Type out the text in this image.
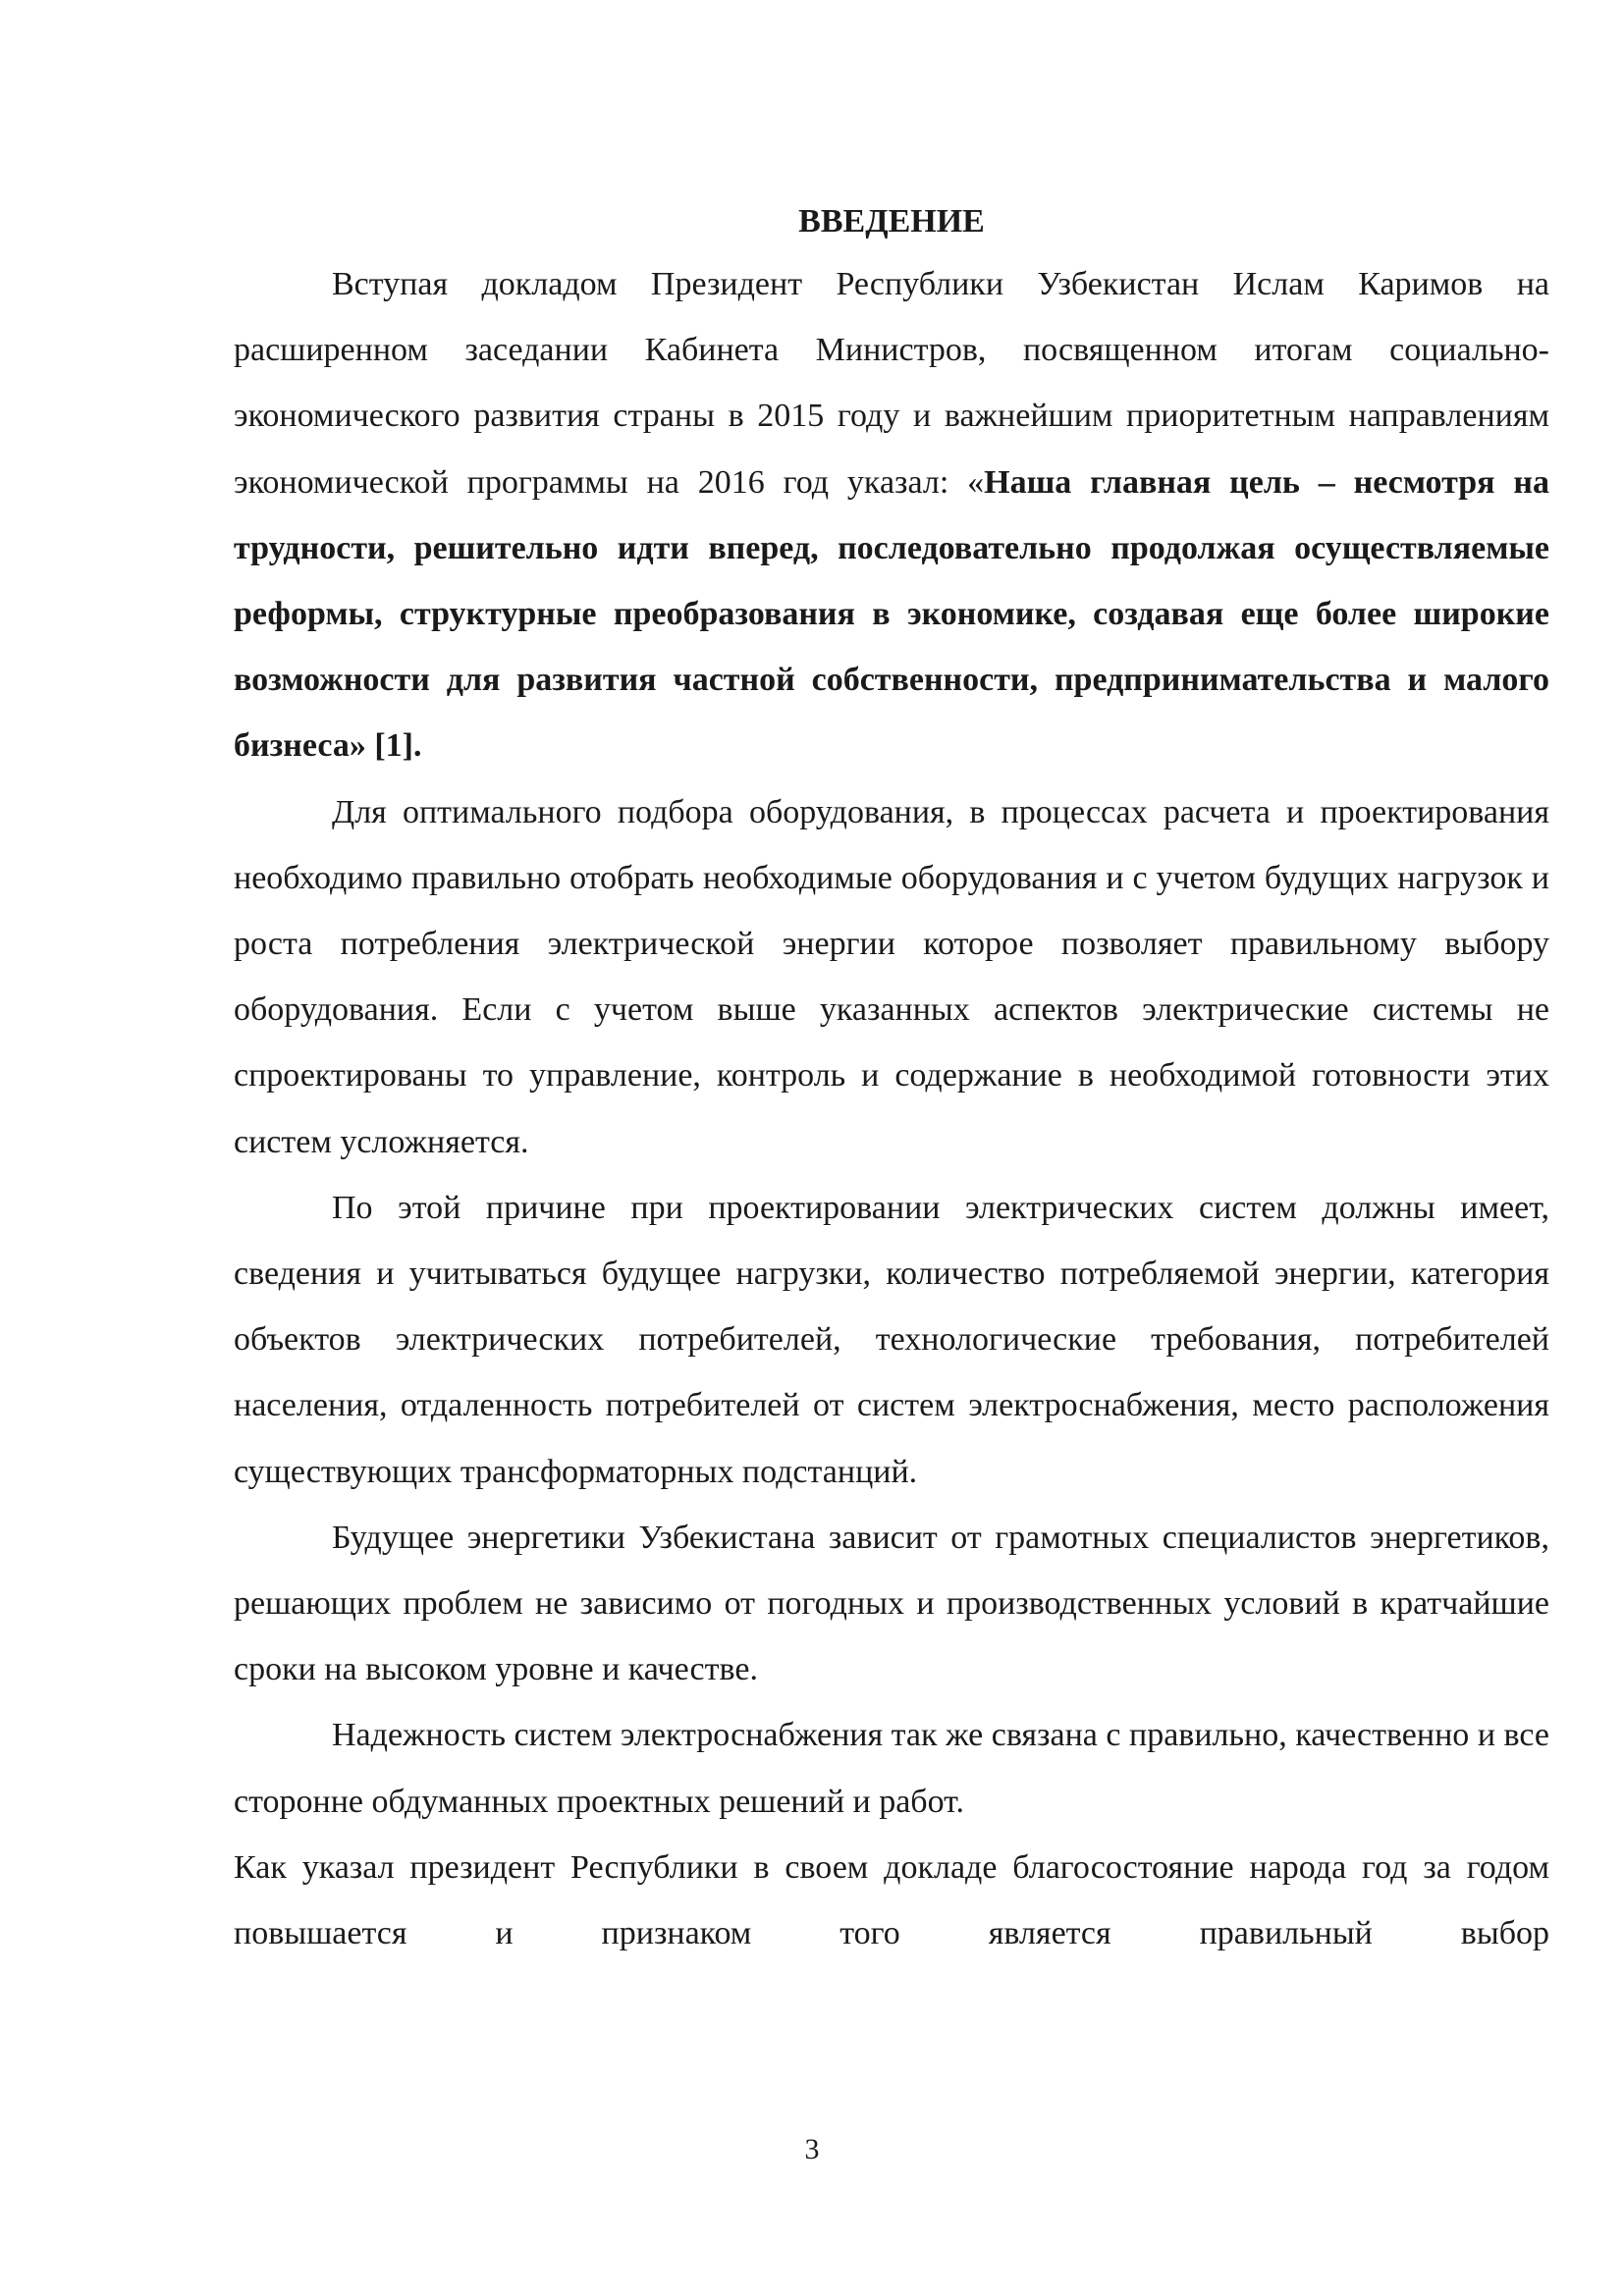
ВВЕДЕНИЕ

Вступая докладом Президент Республики Узбекистан Ислам Каримов на расширенном заседании Кабинета Министров, посвященном итогам социально-экономического развития страны в 2015 году и важнейшим приоритетным направлениям экономической программы на 2016 год указал: «Наша главная цель – несмотря на трудности, решительно идти вперед, последовательно продолжая осуществляемые реформы, структурные преобразования в экономике, создавая еще более широкие возможности для развития частной собственности, предпринимательства и малого бизнеса» [1].

Для оптимального подбора оборудования, в процессах расчета и проектирования необходимо правильно отобрать необходимые оборудования и с учетом будущих нагрузок и роста потребления электрической энергии которое позволяет правильному выбору оборудования. Если с учетом выше указанных аспектов электрические системы не спроектированы то управление, контроль и содержание в необходимой готовности этих систем усложняется.

По этой причине при проектировании электрических систем должны имеет, сведения и учитываться будущее нагрузки, количество потребляемой энергии, категория объектов электрических потребителей, технологические требования, потребителей населения, отдаленность потребителей от систем электроснабжения, место расположения существующих трансформаторных подстанций.

Будущее энергетики Узбекистана зависит от грамотных специалистов энергетиков, решающих проблем не зависимо от погодных и производственных условий в кратчайшие сроки на высоком уровне и качестве.

Надежность систем электроснабжения так же связана с правильно, качественно и все сторонне обдуманных проектных решений и работ.

Как указал президент Республики в своем докладе благосостояние народа год за годом повышается и признаком того является правильный выбор

3
